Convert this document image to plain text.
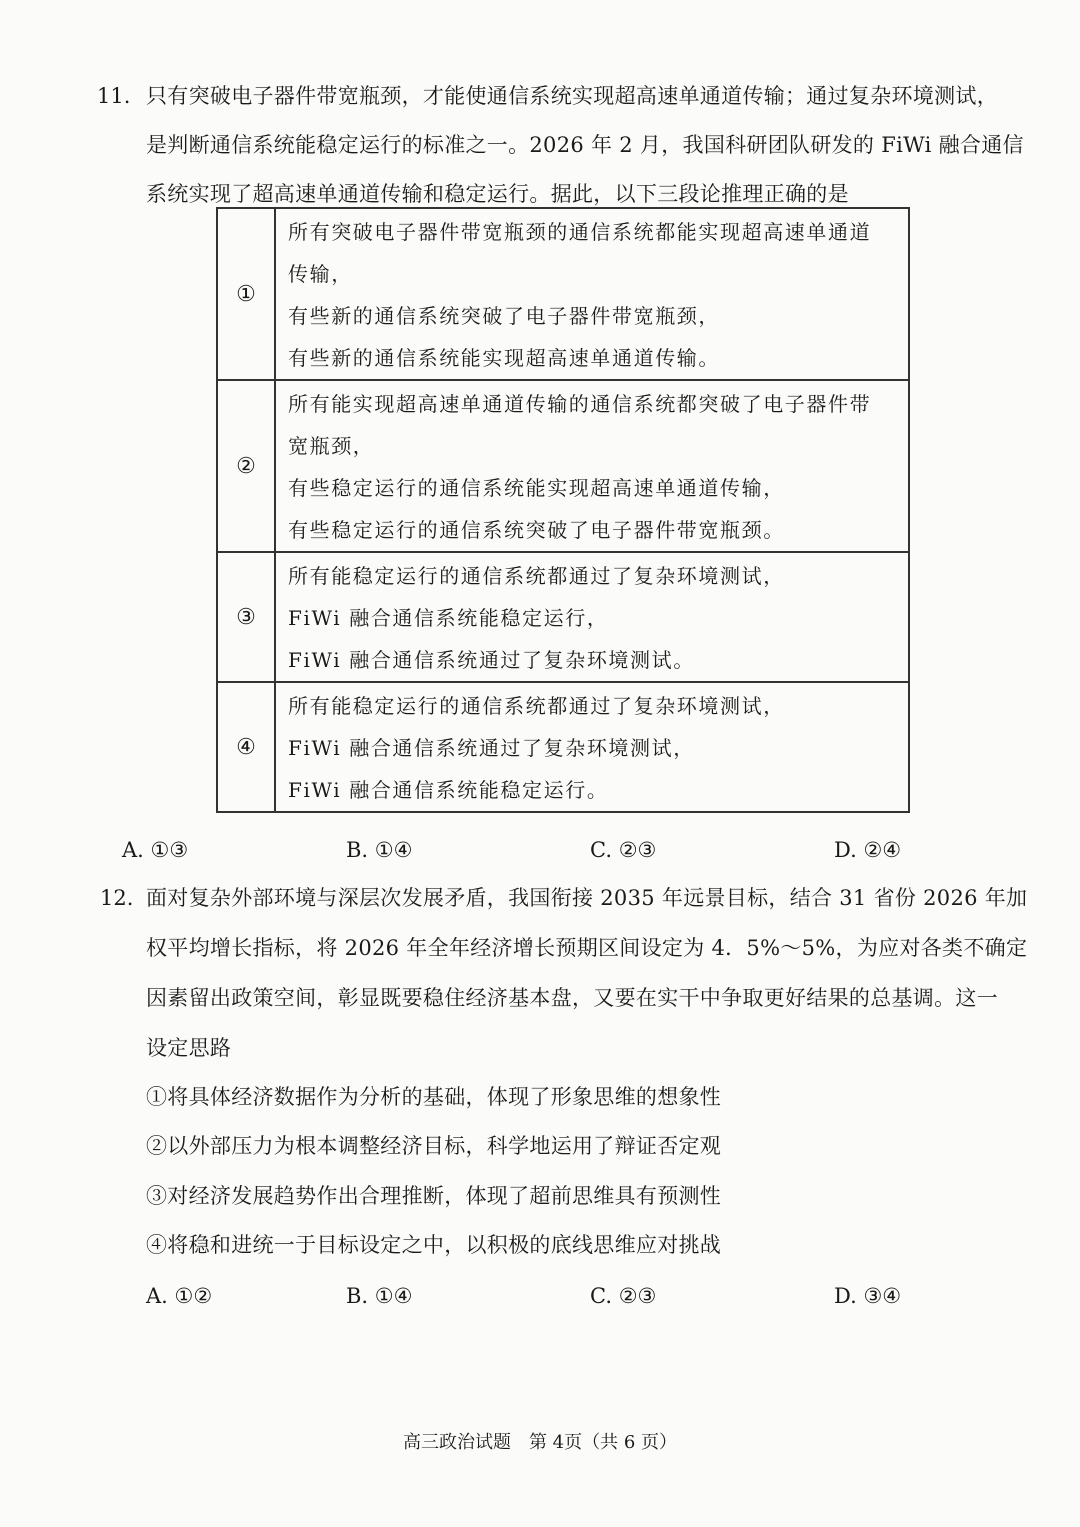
11. 只有突破电子器件带宽瓶颈，才能使通信系统实现超高速单通道传输；通过复杂环境测试，
是判断通信系统能稳定运行的标准之一。2026 年 2 月，我国科研团队研发的 FiWi 融合通信
系统实现了超高速单通道传输和稳定运行。据此，以下三段论推理正确的是
①	所有突破电子器件带宽瓶颈的通信系统都能实现超高速单通道
传输，
有些新的通信系统突破了电子器件带宽瓶颈，
有些新的通信系统能实现超高速单通道传输。

②	所有能实现超高速单通道传输的通信系统都突破了电子器件带
宽瓶颈，
有些稳定运行的通信系统能实现超高速单通道传输，
有些稳定运行的通信系统突破了电子器件带宽瓶颈。

③	所有能稳定运行的通信系统都通过了复杂环境测试，
FiWi 融合通信系统能稳定运行，
FiWi 融合通信系统通过了复杂环境测试。

④	所有能稳定运行的通信系统都通过了复杂环境测试，
FiWi 融合通信系统通过了复杂环境测试，
FiWi 融合通信系统能稳定运行。
A. ①③	B. ①④	C. ②③	D. ②④
12. 面对复杂外部环境与深层次发展矛盾，我国衔接 2035 年远景目标，结合 31 省份 2026 年加
权平均增长指标，将 2026 年全年经济增长预期区间设定为 4．5%～5%，为应对各类不确定
因素留出政策空间，彰显既要稳住经济基本盘，又要在实干中争取更好结果的总基调。这一
设定思路
①将具体经济数据作为分析的基础，体现了形象思维的想象性
②以外部压力为根本调整经济目标，科学地运用了辩证否定观
③对经济发展趋势作出合理推断，体现了超前思维具有预测性
④将稳和进统一于目标设定之中，以积极的底线思维应对挑战
A. ①②	B. ①④	C. ②③	D. ③④
高三政治试题　第 4页（共 6 页）
